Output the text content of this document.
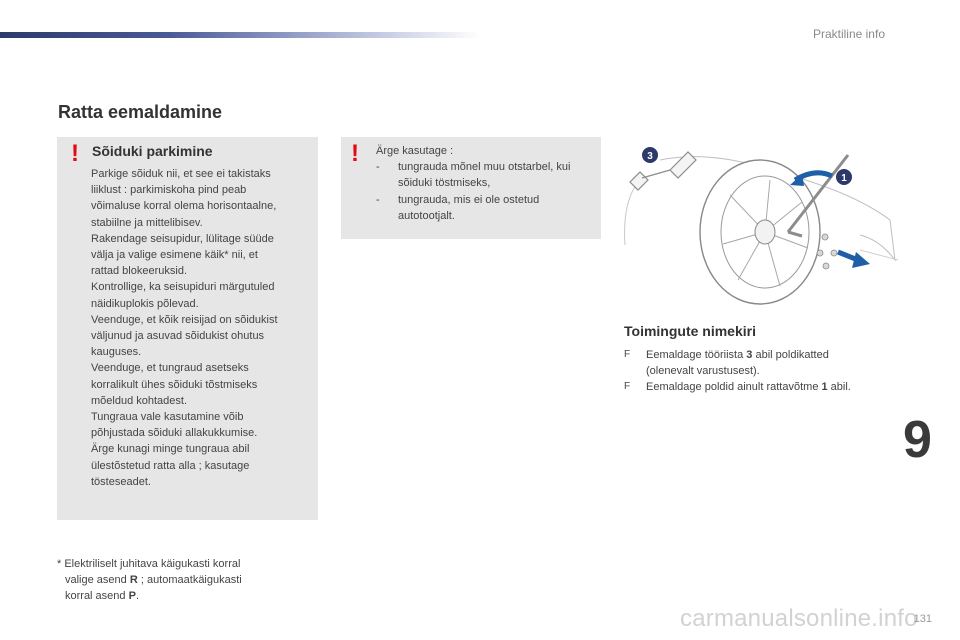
Praktiline info
Ratta eemaldamine
! Sõiduki parkimine

Parkige sõiduk nii, et see ei takistaks

liiklust : parkimiskoha pind peab

võimaluse korral olema horisontaalne,

stabiilne ja mittelibisev.

Rakendage seisupidur, lülitage süüde

välja ja valige esimene käik* nii, et

rattad blokeeruksid.

Kontrollige, ka seisupiduri märgutuled

näidikuplokis põlevad.

Veenduge, et kõik reisijad on sõidukist

väljunud ja asuvad sõidukist ohutus

kauguses.

Veenduge, et tungraud asetseks

korralikult ühes sõiduki tõstmiseks

mõeldud kohtadest.

Tungraua vale kasutamine võib

põhjustada sõiduki allakukkumise.

Ärge kunagi minge tungraua abil

ülestõstetud ratta alla ; kasutage

tösteseadet.

! Ärge kasutage :

-	tungrauda mõnel muu otstarbel, kui

sõiduki töstmiseks,

-	tungrauda, mis ei ole ostetud

autotootjalt.

* Elektriliselt juhitava käigukasti korral
valige asend R ; automaatkäigukasti
korral asend P.
3
1
Toimingute nimekiri
F	Eemaldage tööriista 3 abil poldikatted
(olenevalt varustusest).
F	Eemaldage poldid ainult rattavõtme 1 abil.
9
carmanualsonline.info
131
